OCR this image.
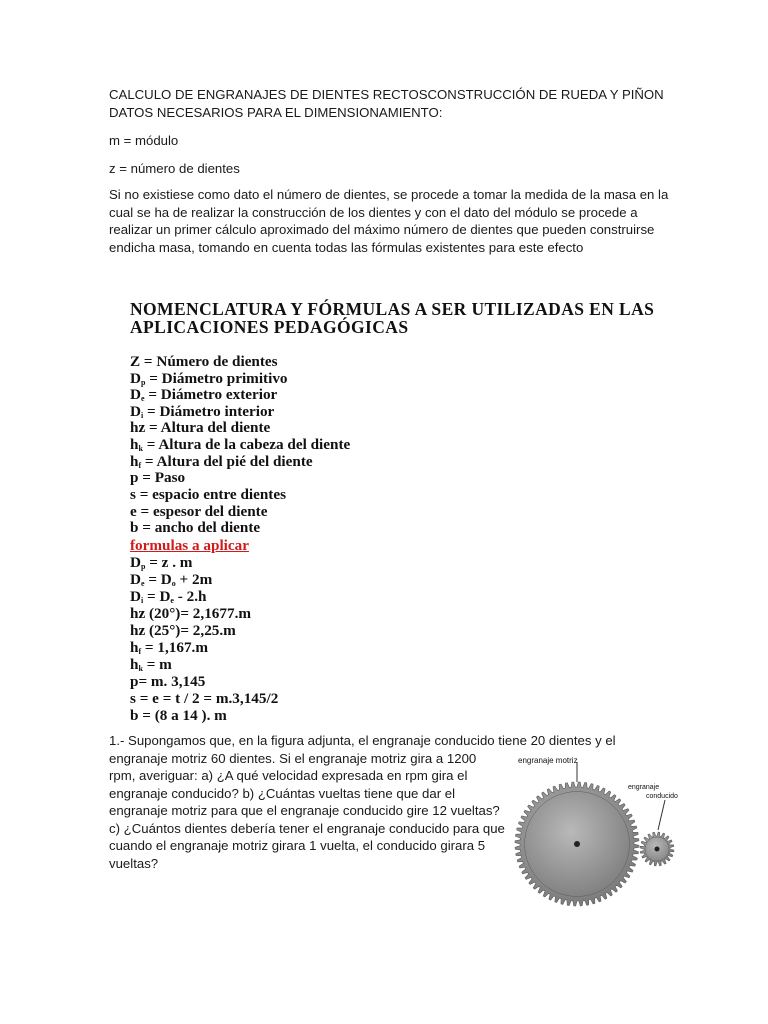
CALCULO DE ENGRANAJES DE DIENTES RECTOSCONSTRUCCIÓN DE RUEDA Y PIÑON DATOS NECESARIOS PARA EL DIMENSIONAMIENTO:

m = módulo

z = número de dientes

Si no existiese como dato el número de dientes, se procede a tomar la medida de la masa en la cual se ha de realizar la construcción de los dientes y con el dato del módulo se procede a realizar un primer cálculo aproximado del máximo número de dientes que pueden construirse endicha masa, tomando en cuenta todas las fórmulas existentes para este efecto

NOMENCLATURA Y FÓRMULAS A SER UTILIZADAS EN LAS APLICACIONES PEDAGÓGICAS
Z = Número de dientes
$D_p$ = Diámetro primitivo
$D_e$ = Diámetro exterior
$D_i$ = Diámetro interior
hz = Altura del diente
$h_k$ = Altura de la cabeza del diente
$h_f$ = Altura del pié del diente
p = Paso
s = espacio entre dientes
e = espesor del diente
b = ancho del diente
formulas a aplicar
$D_p = z$ . m
$D_e = D_o + 2m$
$D_i = D_e - 2.h$
hz (20°)= 2,1677.m
hz (25°)= 2,25.m
$h_f = 1,167.m$
$h_k = m$
p= m. 3,145
s = e = t / 2 = m.3,145/2
b = (8 a 14 ). m
1.- Supongamos que, en la figura adjunta, el engranaje conducido tiene 20 dientes y el
engranaje motriz 60 dientes. Si el engranaje motriz gira a 1200
rpm, averiguar: a) ¿A qué velocidad expresada en rpm gira el
engranaje conducido? b) ¿Cuántas vueltas tiene que dar el
engranaje motriz para que el engranaje conducido gire 12 vueltas?
c) ¿Cuántos dientes debería tener el engranaje conducido para que
cuando el engranaje motriz girara 1 vuelta, el conducido girara 5
vueltas?
engranaje motriz
engranaje
conducido
